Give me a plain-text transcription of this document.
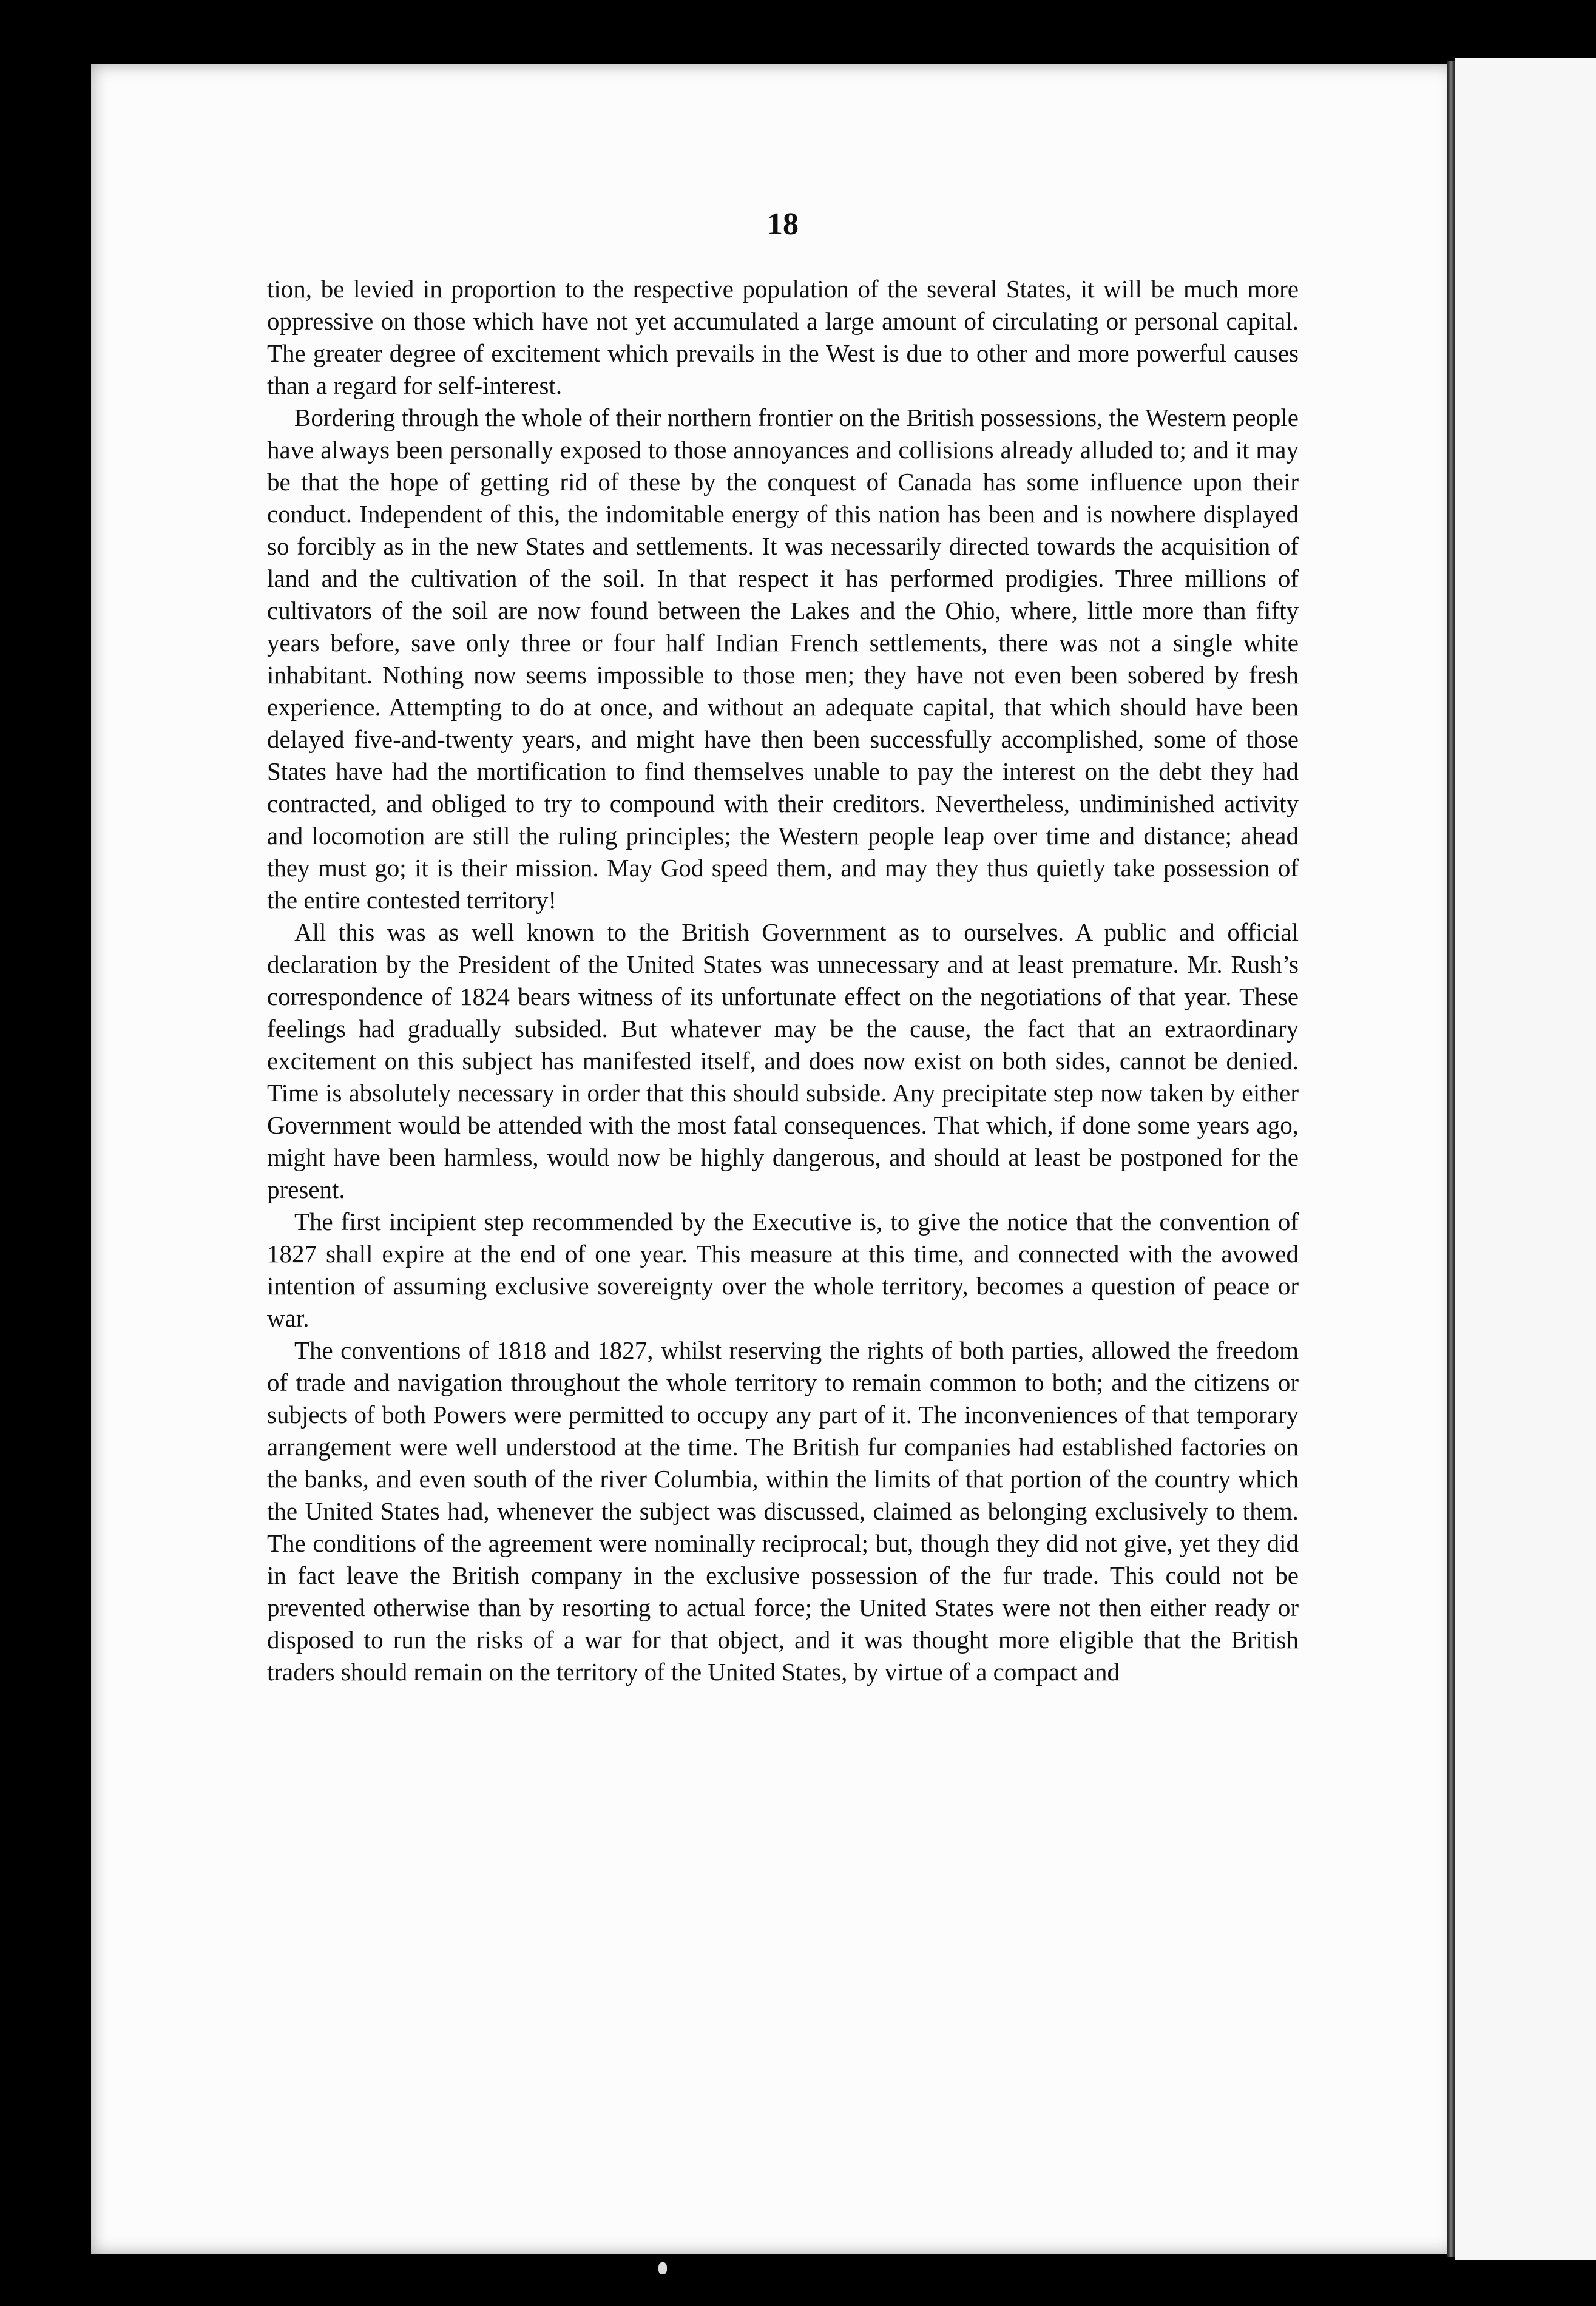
18

tion, be levied in proportion to the respective population of the several States, it will be much more oppressive on those which have not yet accumulated a large amount of circulating or personal capital. The greater degree of excitement which prevails in the West is due to other and more powerful causes than a regard for self-interest.

Bordering through the whole of their northern frontier on the British possessions, the Western people have always been personally exposed to those annoyances and collisions already alluded to; and it may be that the hope of getting rid of these by the conquest of Canada has some influence upon their conduct. Independent of this, the indomitable energy of this nation has been and is nowhere displayed so forcibly as in the new States and settlements. It was necessarily directed towards the acquisition of land and the cultivation of the soil. In that respect it has performed prodigies. Three millions of cultivators of the soil are now found between the Lakes and the Ohio, where, little more than fifty years before, save only three or four half Indian French settlements, there was not a single white inhabitant. Nothing now seems impossible to those men; they have not even been sobered by fresh experience. Attempting to do at once, and without an adequate capital, that which should have been delayed five-and-twenty years, and might have then been successfully accomplished, some of those States have had the mortification to find themselves unable to pay the interest on the debt they had contracted, and obliged to try to compound with their creditors. Nevertheless, undiminished activity and locomotion are still the ruling principles; the Western people leap over time and distance; ahead they must go; it is their mission. May God speed them, and may they thus quietly take possession of the entire contested territory!

All this was as well known to the British Government as to ourselves. A public and official declaration by the President of the United States was unnecessary and at least premature. Mr. Rush’s correspondence of 1824 bears witness of its unfortunate effect on the negotiations of that year. These feelings had gradually subsided. But whatever may be the cause, the fact that an extraordinary excitement on this subject has manifested itself, and does now exist on both sides, cannot be denied. Time is absolutely necessary in order that this should subside. Any precipitate step now taken by either Government would be attended with the most fatal consequences. That which, if done some years ago, might have been harmless, would now be highly dangerous, and should at least be postponed for the present.

The first incipient step recommended by the Executive is, to give the notice that the convention of 1827 shall expire at the end of one year. This measure at this time, and connected with the avowed intention of assuming exclusive sovereignty over the whole territory, becomes a question of peace or war.

The conventions of 1818 and 1827, whilst reserving the rights of both parties, allowed the freedom of trade and navigation throughout the whole territory to remain common to both; and the citizens or subjects of both Powers were permitted to occupy any part of it. The inconveniences of that temporary arrangement were well understood at the time. The British fur companies had established factories on the banks, and even south of the river Columbia, within the limits of that portion of the country which the United States had, whenever the subject was discussed, claimed as belonging exclusively to them. The conditions of the agreement were nominally reciprocal; but, though they did not give, yet they did in fact leave the British company in the exclusive possession of the fur trade. This could not be prevented otherwise than by resorting to actual force; the United States were not then either ready or disposed to run the risks of a war for that object, and it was thought more eligible that the British traders should remain on the territory of the United States, by virtue of a compact and
